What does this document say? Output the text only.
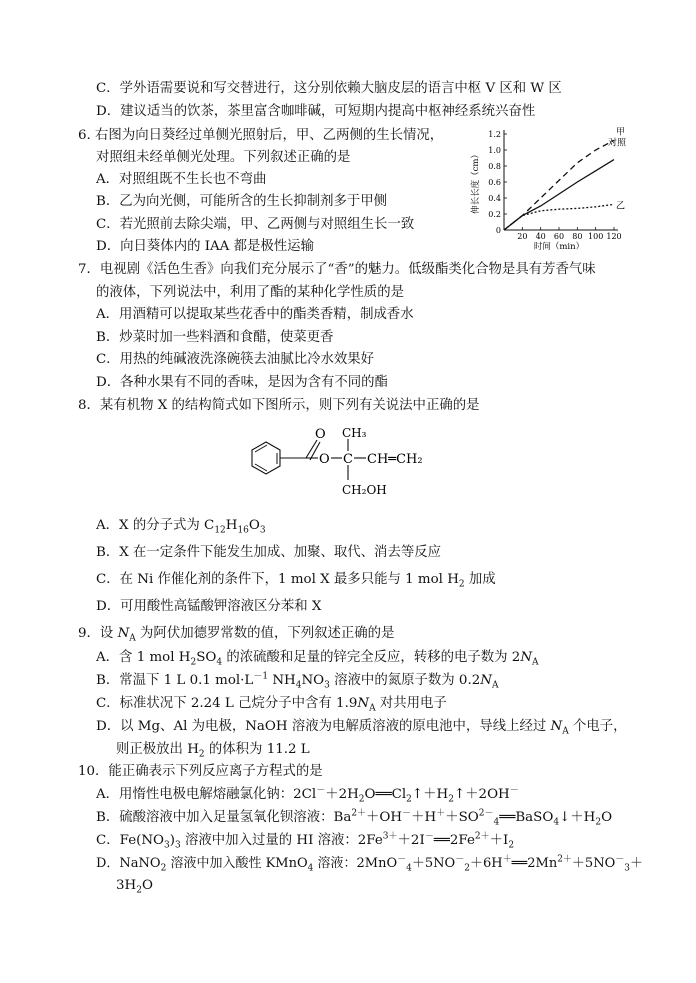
C．学外语需要说和写交替进行，这分别依赖大脑皮层的语言中枢 V 区和 W 区
D．建议适当的饮茶，茶里富含咖啡碱，可短期内提高中枢神经系统兴奋性
6. 右图为向日葵经过单侧光照射后，甲、乙两侧的生长情况，
对照组未经单侧光处理。下列叙述正确的是
A．对照组既不生长也不弯曲
B．乙为向光侧，可能所含的生长抑制剂多于甲侧
C．若光照前去除尖端，甲、乙两侧与对照组生长一致
D．向日葵体内的 IAA 都是极性运输
0
0.2
0.4
0.6
0.8
1.0
1.2
20 40 60 80 100 120
时间（min）
伸长长度（cm）
甲
对照
乙
7．电视剧《活色生香》向我们充分展示了“香”的魅力。低级酯类化合物是具有芳香气味
的液体，下列说法中，利用了酯的某种化学性质的是
A．用酒精可以提取某些花香中的酯类香精，制成香水
B．炒菜时加一些料酒和食醋，使菜更香
C．用热的纯碱液洗涤碗筷去油腻比冷水效果好
D．各种水果有不同的香味，是因为含有不同的酯
8．某有机物 X 的结构简式如下图所示，则下列有关说法中正确的是
O
O C
CH₃
CH═CH₂
CH₂OH
A．X 的分子式为 $C_{12}H_{16}O_3$
B．X 在一定条件下能发生加成、加聚、取代、消去等反应
C．在 Ni 作催化剂的条件下，1 mol X 最多只能与 1 mol $H_2$ 加成
D．可用酸性高锰酸钾溶液区分苯和 X
9．设 $N_A$ 为阿伏加德罗常数的值，下列叙述正确的是
A．含 1 mol $H_2SO_4$ 的浓硫酸和足量的锌完全反应，转移的电子数为 $2N_A$
B．常温下 1 L 0.1 $mol\cdot L^{-1}$ $NH_4NO_3$ 溶液中的氮原子数为 $0.2N_A$
C．标准状况下 2.24 L 己烷分子中含有 $1.9N_A$ 对共用电子
D．以 Mg、Al 为电极，NaOH 溶液为电解质溶液的原电池中，导线上经过 $N_A$ 个电子，
则正极放出 $H_2$ 的体积为 11.2 L
10．能正确表示下列反应离子方程式的是
A．用惰性电极电解熔融氯化钠：$2Cl^-+2H_2O══Cl_2↑+H_2↑+2OH^-$
B．硫酸溶液中加入足量氢氧化钡溶液：$Ba^{2+}+OH^-+H^++SO^{2-}_4══BaSO_4↓+H_2O$
C．$Fe(NO_3)_3$ 溶液中加入过量的 HI 溶液：$2Fe^{3+}+2I^-══2Fe^{2+}+I_2$
D．NaNO$_2$ 溶液中加入酸性 KMnO$_4$ 溶液：$2MnO^-_4+5NO^-_2+6H^+══2Mn^{2+}+5NO^-_3+$
$3H_2O$
